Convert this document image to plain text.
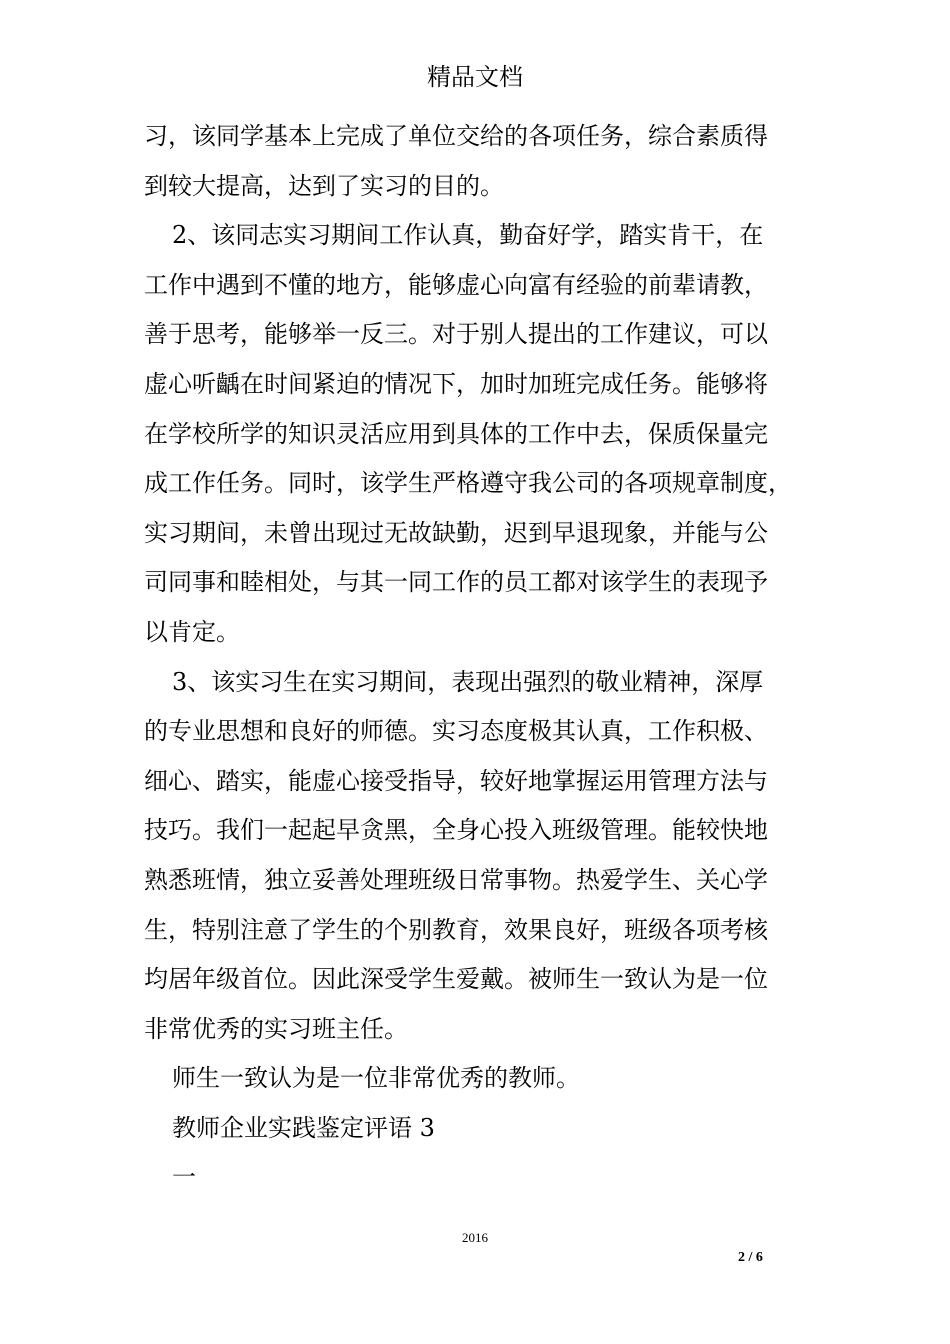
精品文档
习，该同学基本上完成了单位交给的各项任务，综合素质得
到较大提高，达到了实习的目的。
2、该同志实习期间工作认真，勤奋好学，踏实肯干，在
工作中遇到不懂的地方，能够虚心向富有经验的前辈请教，
善于思考，能够举一反三。对于别人提出的工作建议，可以
虚心听齲在时间紧迫的情况下，加时加班完成任务。能够将
在学校所学的知识灵活应用到具体的工作中去，保质保量完
成工作任务。同时，该学生严格遵守我公司的各项规章制度，
实习期间，未曾出现过无故缺勤，迟到早退现象，并能与公
司同事和睦相处，与其一同工作的员工都对该学生的表现予
以肯定。
3、该实习生在实习期间，表现出强烈的敬业精神，深厚
的专业思想和良好的师德。实习态度极其认真，工作积极、
细心、踏实，能虚心接受指导，较好地掌握运用管理方法与
技巧。我们一起起早贪黑，全身心投入班级管理。能较快地
熟悉班情，独立妥善处理班级日常事物。热爱学生、关心学
生，特别注意了学生的个别教育，效果良好，班级各项考核
均居年级首位。因此深受学生爱戴。被师生一致认为是一位
非常优秀的实习班主任。
师生一致认为是一位非常优秀的教师。
教师企业实践鉴定评语 3
一
2016
2 / 6
